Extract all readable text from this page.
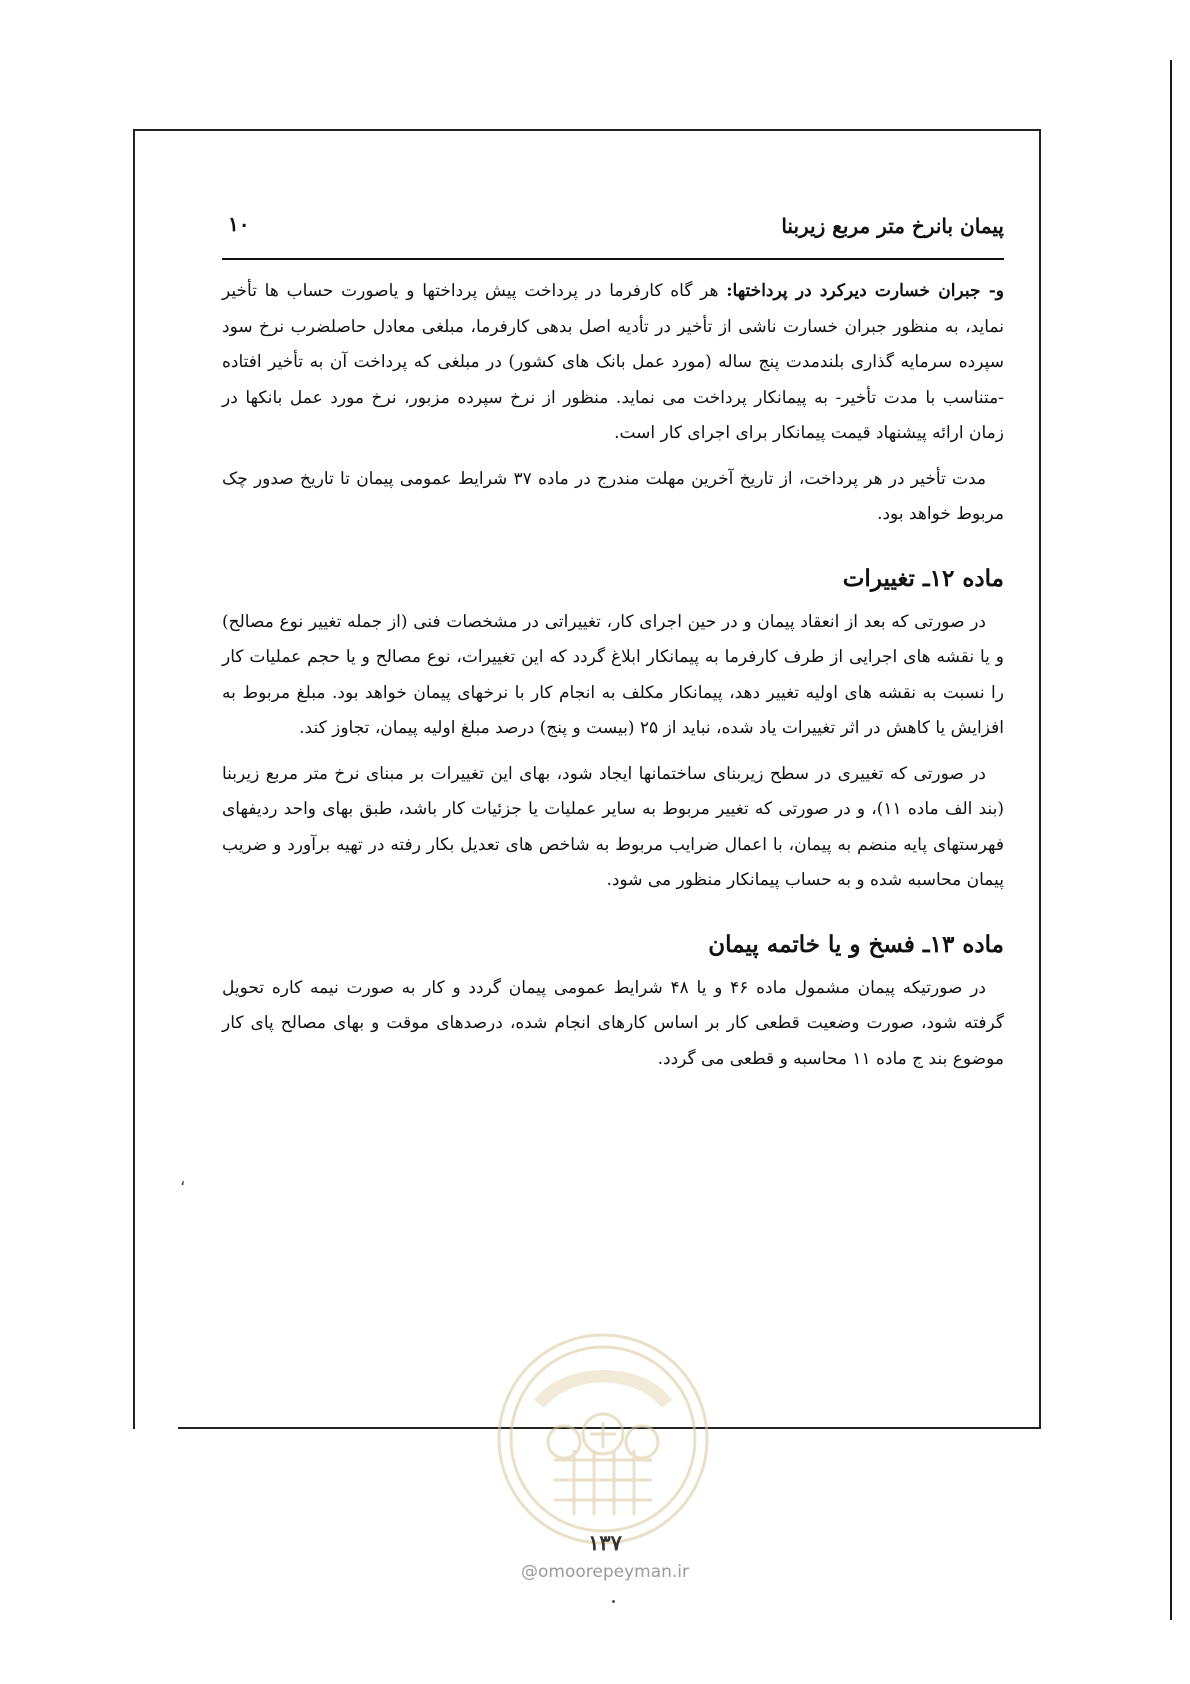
پیمان بانرخ متر مربع زیربنا
۱۰

و- جبران خسارت دیرکرد در پرداختها: هر گاه کارفرما در پرداخت پیش پرداختها و یاصورت حساب ها تأخیر نماید، به منظور جبران خسارت ناشی از تأخیر در تأدیه اصل بدهی کارفرما، مبلغی معادل حاصلضرب نرخ سود سپرده سرمایه گذاری بلندمدت پنج ساله (مورد عمل بانک های کشور) در مبلغی که پرداخت آن به تأخیر افتاده -متناسب با مدت تأخیر- به پیمانکار پرداخت می نماید. منظور از نرخ سپرده مزبور، نرخ مورد عمل بانکها در زمان ارائه پیشنهاد قیمت پیمانکار برای اجرای کار است.

مدت تأخیر در هر پرداخت، از تاریخ آخرین مهلت مندرج در ماده ۳۷ شرایط عمومی پیمان تا تاریخ صدور چک مربوط خواهد بود.

ماده ۱۲ـ تغییرات

در صورتی که بعد از انعقاد پیمان و در حین اجرای کار، تغییراتی در مشخصات فنی (از جمله تغییر نوع مصالح) و یا نقشه های اجرایی از طرف کارفرما به پیمانکار ابلاغ گردد که این تغییرات، نوع مصالح و یا حجم عملیات کار را نسبت به نقشه های اولیه تغییر دهد، پیمانکار مکلف به انجام کار با نرخهای پیمان خواهد بود. مبلغ مربوط به افزایش یا کاهش در اثر تغییرات یاد شده، نباید از ۲۵ (بیست و پنج) درصد مبلغ اولیه پیمان، تجاوز کند.

در صورتی که تغییری در سطح زیربنای ساختمانها ایجاد شود، بهای این تغییرات بر مبنای نرخ متر مربع زیربنا (بند الف ماده ۱۱)، و در صورتی که تغییر مربوط به سایر عملیات یا جزئیات کار باشد، طبق بهای واحد ردیفهای فهرستهای پایه منضم به پیمان، با اعمال ضرایب مربوط به شاخص های تعدیل بکار رفته در تهیه برآورد و ضریب پیمان محاسبه شده و به حساب پیمانکار منظور می شود.

ماده ۱۳ـ فسخ و یا خاتمه پیمان

در صورتیکه پیمان مشمول ماده ۴۶ و یا ۴۸ شرایط عمومی پیمان گردد و کار به صورت نیمه کاره تحویل گرفته شود، صورت وضعیت قطعی کار بر اساس کارهای انجام شده، درصدهای موقت و بهای مصالح پای کار موضوع بند ج ماده ۱۱ محاسبه و قطعی می گردد.

،
۱۳۷
@omoorepeyman.ir
